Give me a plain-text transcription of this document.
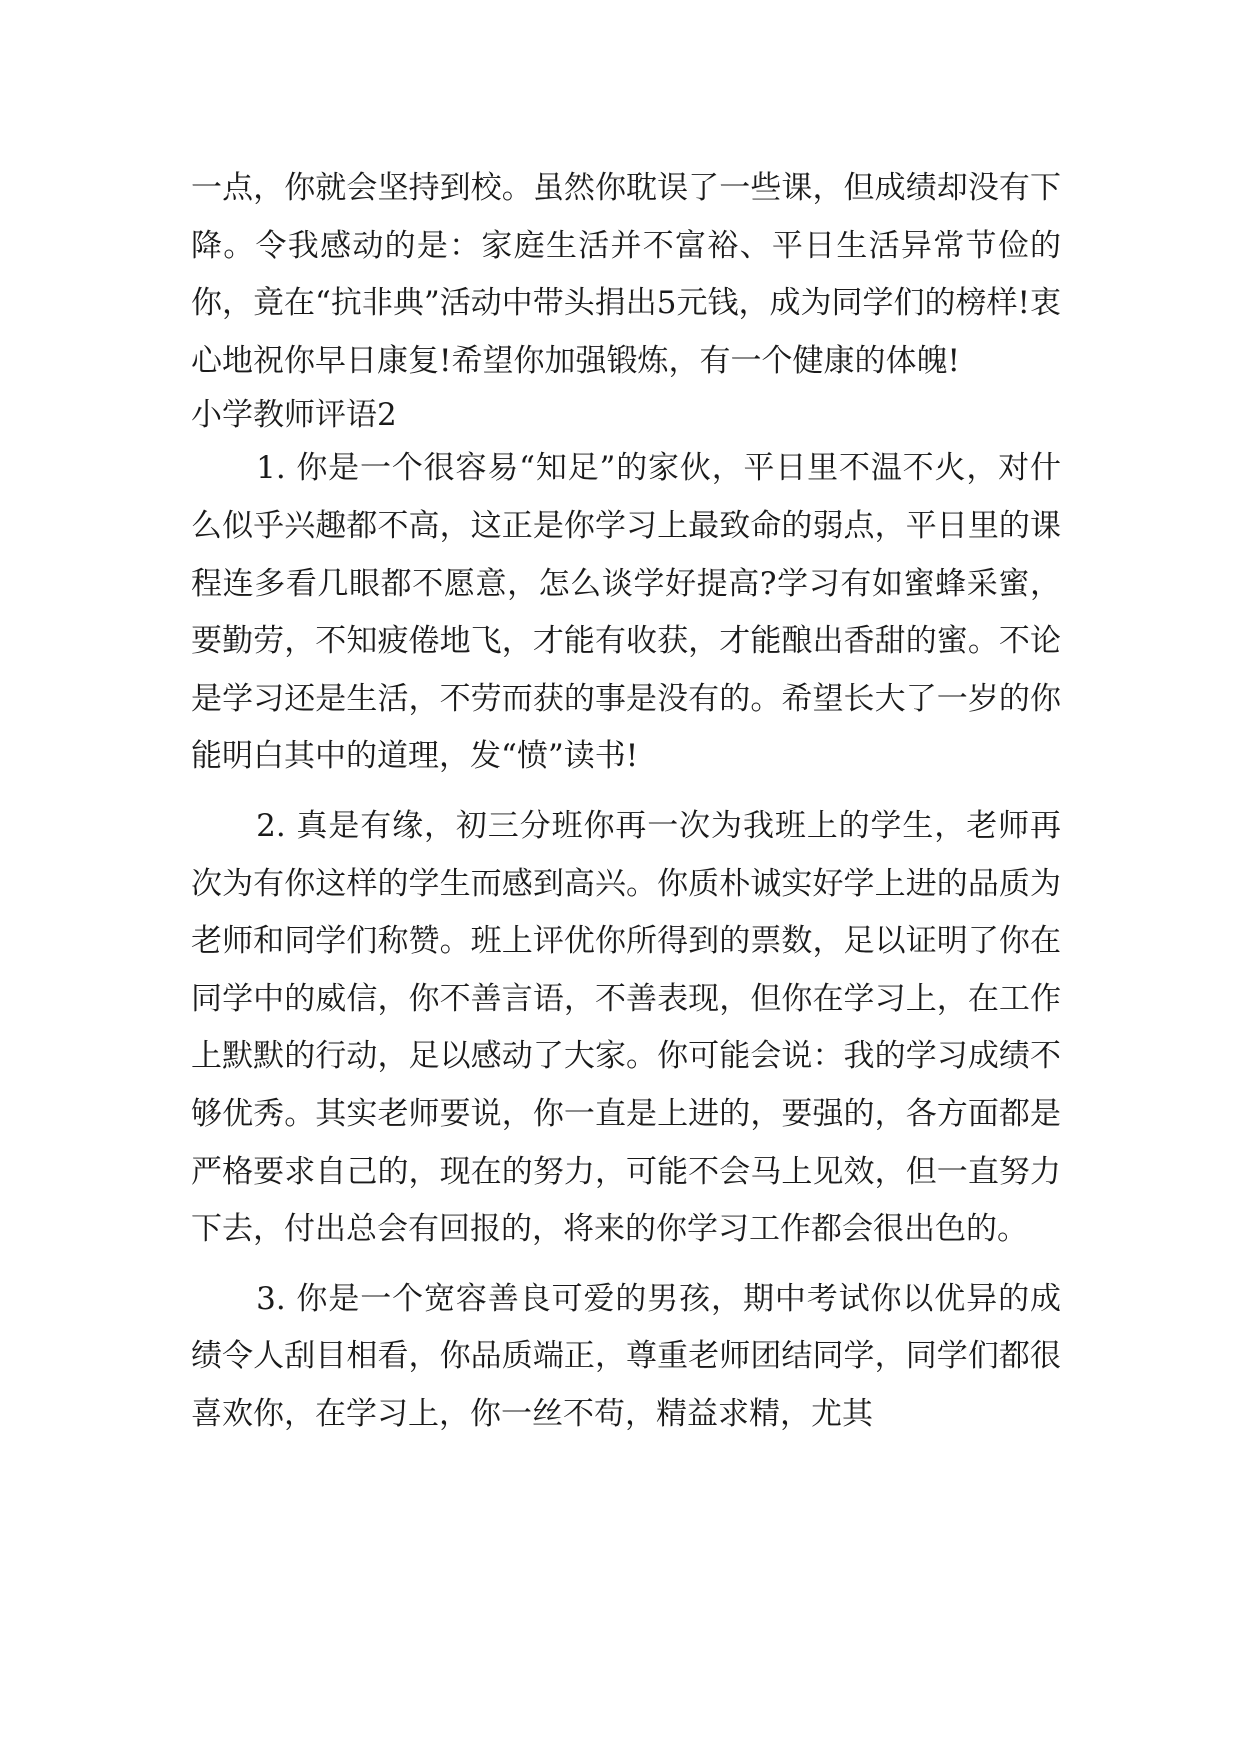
一点，你就会坚持到校。虽然你耽误了一些课，但成绩却没有下降。令我感动的是：家庭生活并不富裕、平日生活异常节俭的你，竟在“抗非典”活动中带头捐出5元钱，成为同学们的榜样!衷心地祝你早日康复!希望你加强锻炼，有一个健康的体魄!

小学教师评语2

1. 你是一个很容易“知足”的家伙，平日里不温不火，对什么似乎兴趣都不高，这正是你学习上最致命的弱点，平日里的课程连多看几眼都不愿意，怎么谈学好提高?学习有如蜜蜂采蜜，要勤劳，不知疲倦地飞，才能有收获，才能酿出香甜的蜜。不论是学习还是生活，不劳而获的事是没有的。希望长大了一岁的你能明白其中的道理，发“愤”读书!

2. 真是有缘，初三分班你再一次为我班上的学生，老师再次为有你这样的学生而感到高兴。你质朴诚实好学上进的品质为老师和同学们称赞。班上评优你所得到的票数，足以证明了你在同学中的威信，你不善言语，不善表现，但你在学习上，在工作上默默的行动，足以感动了大家。你可能会说：我的学习成绩不够优秀。其实老师要说，你一直是上进的，要强的，各方面都是严格要求自己的，现在的努力，可能不会马上见效，但一直努力下去，付出总会有回报的，将来的你学习工作都会很出色的。

3. 你是一个宽容善良可爱的男孩，期中考试你以优异的成绩令人刮目相看，你品质端正，尊重老师团结同学，同学们都很喜欢你，在学习上，你一丝不苟，精益求精，尤其
